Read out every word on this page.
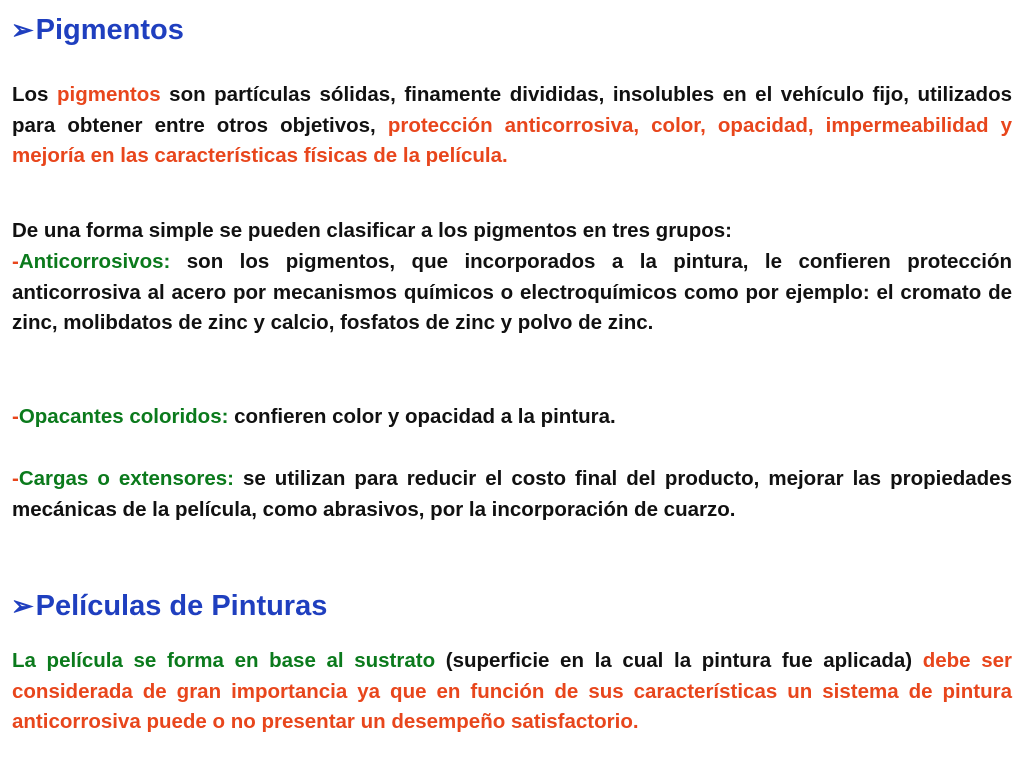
➢Pigmentos
Los pigmentos son partículas sólidas, finamente divididas, insolubles en el vehículo fijo, utilizados para obtener entre otros objetivos, protección anticorrosiva, color, opacidad, impermeabilidad y mejoría en las características físicas de la película.
De una forma simple se pueden clasificar a los pigmentos en tres grupos:
-Anticorrosivos: son los pigmentos, que incorporados a la pintura, le confieren protección anticorrosiva al acero por mecanismos químicos o electroquímicos como por ejemplo: el cromato de zinc, molibdatos de zinc y calcio, fosfatos de zinc y polvo de zinc.
-Opacantes coloridos: confieren color y opacidad a la pintura.
-Cargas o extensores: se utilizan para reducir el costo final del producto, mejorar las propiedades mecánicas de la película, como abrasivos, por la incorporación de cuarzo.
➢Películas de Pinturas
La película se forma en base al sustrato (superficie en la cual la pintura fue aplicada) debe ser considerada de gran importancia ya que en función de sus características un sistema de pintura anticorrosiva puede o no presentar un desempeño satisfactorio.
